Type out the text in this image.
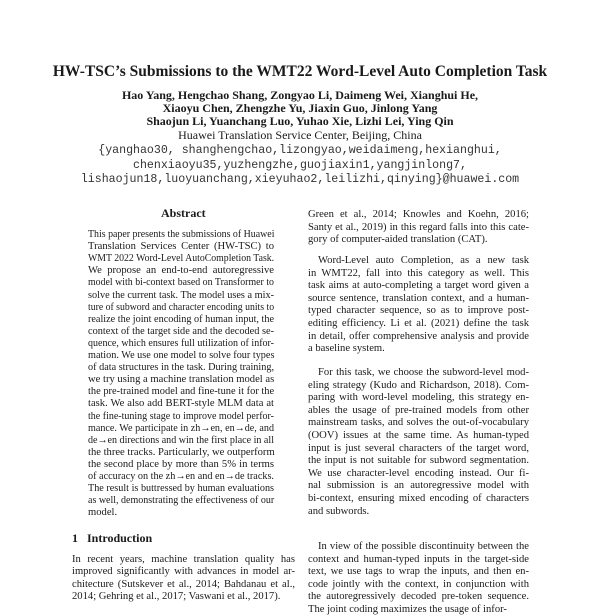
HW-TSC’s Submissions to the WMT22 Word-Level Auto Completion Task
Hao Yang, Hengchao Shang, Zongyao Li, Daimeng Wei, Xianghui He,
Xiaoyu Chen, Zhengzhe Yu, Jiaxin Guo, Jinlong Yang
Shaojun Li, Yuanchang Luo, Yuhao Xie, Lizhi Lei, Ying Qin
Huawei Translation Service Center, Beijing, China
{yanghao30, shanghengchao,lizongyao,weidaimeng,hexianghui,
chenxiaoyu35,yuzhengzhe,guojiaxin1,yangjinlong7,
lishaojun18,luoyuanchang,xieyuhao2,leilizhi,qinying}@huawei.com
Abstract
1   Introduction
This paper presents the submissions of Huawei
Translation Services Center (HW-TSC) to
WMT 2022 Word-Level AutoCompletion Task.
We propose an end-to-end autoregressive
model with bi-context based on Transformer to
solve the current task. The model uses a mix-
ture of subword and character encoding units to
realize the joint encoding of human input, the
context of the target side and the decoded se-
quence, which ensures full utilization of infor-
mation. We use one model to solve four types
of data structures in the task. During training,
we try using a machine translation model as
the pre-trained model and fine-tune it for the
task. We also add BERT-style MLM data at
the fine-tuning stage to improve model perfor-
mance. We participate in zh→en, en→de, and
de→en directions and win the first place in all
the three tracks. Particularly, we outperform
the second place by more than 5% in terms
of accuracy on the zh→en and en→de tracks.
The result is buttressed by human evaluations
as well, demonstrating the effectiveness of our
model.
In recent years, machine translation quality has
improved significantly with advances in model ar-
chitecture (Sutskever et al., 2014; Bahdanau et al.,
2014; Gehring et al., 2017; Vaswani et al., 2017).
Green et al., 2014; Knowles and Koehn, 2016;
Santy et al., 2019) in this regard falls into this cate-
gory of computer-aided translation (CAT).
Word-Level auto Completion, as a new task
in WMT22, fall into this category as well. This
task aims at auto-completing a target word given a
source sentence, translation context, and a human-
typed character sequence, so as to improve post-
editing efficiency. Li et al. (2021) define the task
in detail, offer comprehensive analysis and provide
a baseline system.
For this task, we choose the subword-level mod-
eling strategy (Kudo and Richardson, 2018). Com-
paring with word-level modeling, this strategy en-
ables the usage of pre-trained models from other
mainstream tasks, and solves the out-of-vocabulary
(OOV) issues at the same time. As human-typed
input is just several characters of the target word,
the input is not suitable for subword segmentation.
We use character-level encoding instead. Our fi-
nal submission is an autoregressive model with
bi-context, ensuring mixed encoding of characters
and subwords.
In view of the possible discontinuity between the
context and human-typed inputs in the target-side
text, we use tags to wrap the inputs, and then en-
code jointly with the context, in conjunction with
the autoregressively decoded pre-token sequence.
The joint coding maximizes the usage of infor-
